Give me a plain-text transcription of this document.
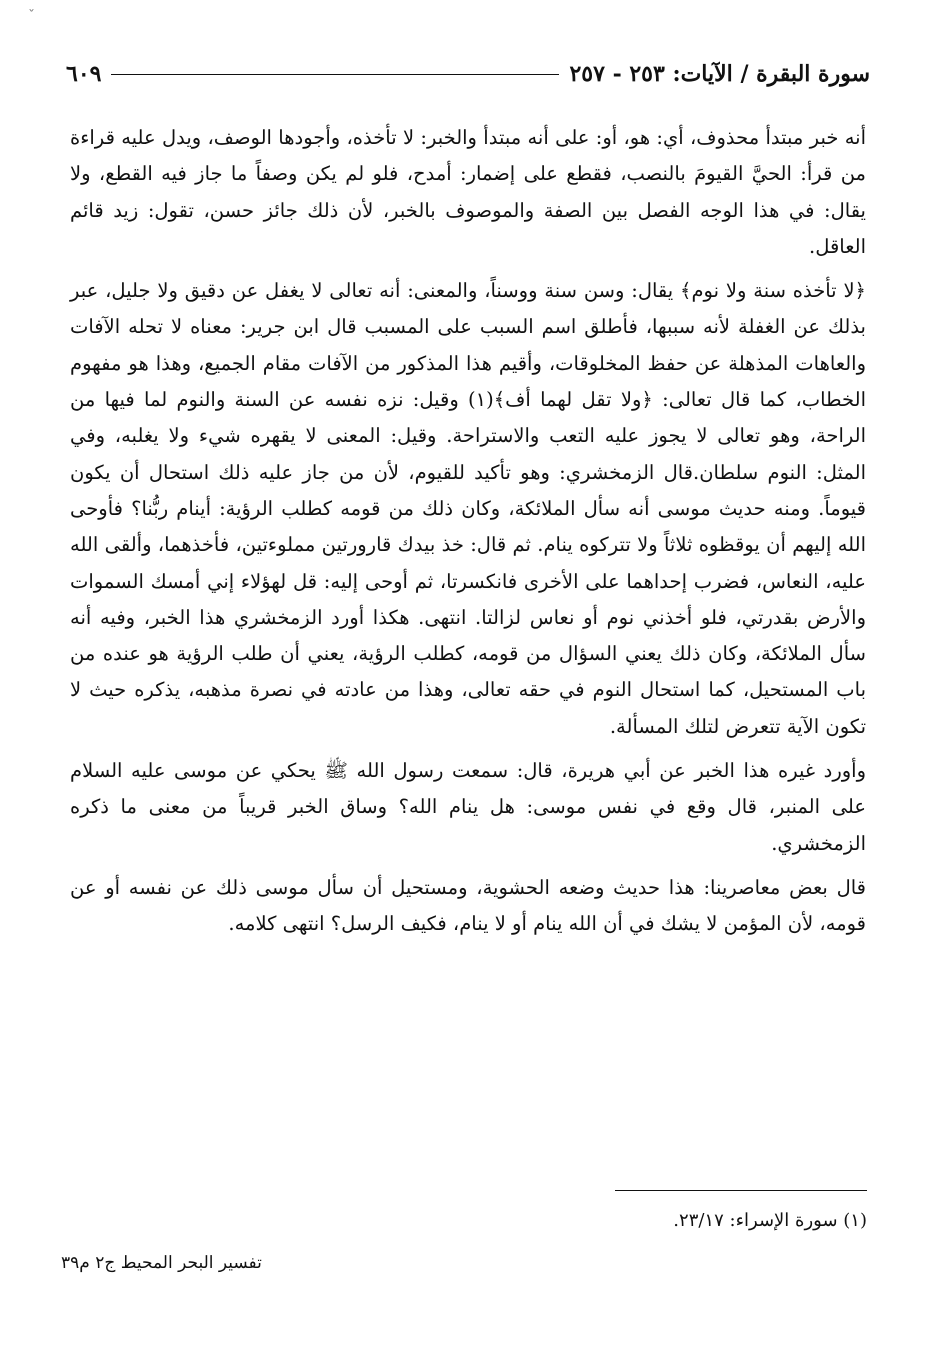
ˇ
سورة البقرة / الآيات: ٢٥٣ - ٢٥٧
٦٠٩

أنه خبر مبتدأ محذوف، أي: هو، أو: على أنه مبتدأ والخبر: لا تأخذه، وأجودها الوصف، ويدل عليه قراءة من قرأ: الحيَّ القيومَ بالنصب، فقطع على إضمار: أمدح، فلو لم يكن وصفاً ما جاز فيه القطع، ولا يقال: في هذا الوجه الفصل بين الصفة والموصوف بالخبر، لأن ذلك جائز حسن، تقول: زيد قائم العاقل.

﴿لا تأخذه سنة ولا نوم﴾ يقال: وسن سنة ووسناً، والمعنى: أنه تعالى لا يغفل عن دقيق ولا جليل، عبر بذلك عن الغفلة لأنه سببها، فأطلق اسم السبب على المسبب قال ابن جرير: معناه لا تحله الآفات والعاهات المذهلة عن حفظ المخلوقات، وأقيم هذا المذكور من الآفات مقام الجميع، وهذا هو مفهوم الخطاب، كما قال تعالى: ﴿ولا تقل لهما أف﴾(١) وقيل: نزه نفسه عن السنة والنوم لما فيها من الراحة، وهو تعالى لا يجوز عليه التعب والاستراحة. وقيل: المعنى لا يقهره شيء ولا يغلبه، وفي المثل: النوم سلطان.قال الزمخشري: وهو تأكيد للقيوم، لأن من جاز عليه ذلك استحال أن يكون قيوماً. ومنه حديث موسى أنه سأل الملائكة، وكان ذلك من قومه كطلب الرؤية: أينام ربُّنا؟ فأوحى الله إليهم أن يوقظوه ثلاثاً ولا تتركوه ينام. ثم قال: خذ بيدك قارورتين مملوءتين، فأخذهما، وألقى الله عليه، النعاس، فضرب إحداهما على الأخرى فانكسرتا، ثم أوحى إليه: قل لهؤلاء إني أمسك السموات والأرض بقدرتي، فلو أخذني نوم أو نعاس لزالتا. انتهى. هكذا أورد الزمخشري هذا الخبر، وفيه أنه سأل الملائكة، وكان ذلك يعني السؤال من قومه، كطلب الرؤية، يعني أن طلب الرؤية هو عنده من باب المستحيل، كما استحال النوم في حقه تعالى، وهذا من عادته في نصرة مذهبه، يذكره حيث لا تكون الآية تتعرض لتلك المسألة.

وأورد غيره هذا الخبر عن أبي هريرة، قال: سمعت رسول الله ﷺ يحكي عن موسى عليه السلام على المنبر، قال وقع في نفس موسى: هل ينام الله؟ وساق الخبر قريباً من معنى ما ذكره الزمخشري.

قال بعض معاصرينا: هذا حديث وضعه الحشوية، ومستحيل أن سأل موسى ذلك عن نفسه أو عن قومه، لأن المؤمن لا يشك في أن الله ينام أو لا ينام، فكيف الرسل؟ انتهى كلامه.

(١) سورة الإسراء: ٢٣/١٧.
تفسير البحر المحيط ج٢ م٣٩
